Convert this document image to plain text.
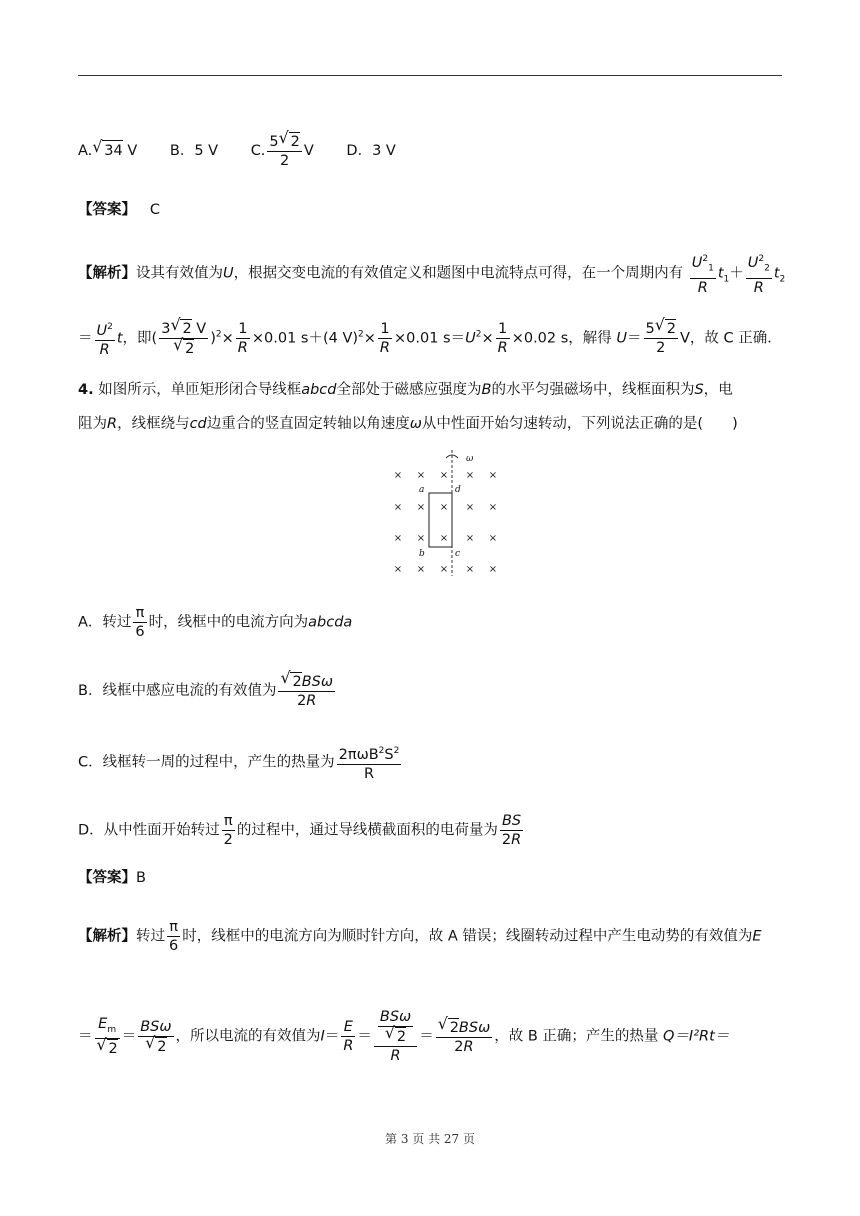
A. √ 34 V B．5 V C. $\frac{5 √ 2}{2}$ V D．3 V
【答案】 C
【解析】设其有效值为U，根据交变电流的有效值定义和题图中电流特点可得，在一个周期内有 $\frac{U^2_1}{R} t_1+ \frac{U^2_2}{R} t_2$
＝ $\frac{U^2}{R}$ t，即( 3 √ 2 V
√ 2 )$^2\times \frac{1}{R} \times 0.01$ s＋(4 $V)^2\times \frac{1}{R} \times 0.01$ $s=U^2\times \frac{1}{R} \times 0.02$ s，解得 $U= \frac{5 √ 2}{2}$ V，故 C 正确．
4. 如图所示，单匝矩形闭合导线框abcd全部处于磁感应强度为B的水平匀强磁场中，线框面积为S，电
阻为R，线框绕与cd边重合的竖直固定转轴以角速度ω从中性面开始匀速转动，下列说法正确的是(　　)
× × × × ×
× × × × ×
× × × × ×
× × × × ×
ω
a	d
b	c
A．转过 $\frac{\pi}{6}$ 时，线框中的电流方向为abcda
B．线框中感应电流的有效值为 √ $\frac{\text{2BSω}}{2R}$
C．线框转一周的过程中，产生的热量为 $\frac{2\pi\omega B^2S^2}{R}$
D．从中性面开始转过 $\frac{\pi}{2}$ 的过程中，通过导线横截面积的电荷量为 $\frac{BS}{2R}$
【答案】B
【解析】转过 $\frac{\pi}{6}$ 时，线框中的电流方向为顺时针方向，故 A 错误；线圈转动过程中产生电动势的有效值为E
＝ $E_m$
√ 2 ＝ BSω
√ 2 ，所以电流的有效值为$I= \frac{E}{R} = BS\omega$
√ 2
R ＝ √ $\frac{\text{2BSω}}{2R}$ ，故 B 正确；产生的热量 Q＝I²Rt＝
第 3 页 共 27 页
